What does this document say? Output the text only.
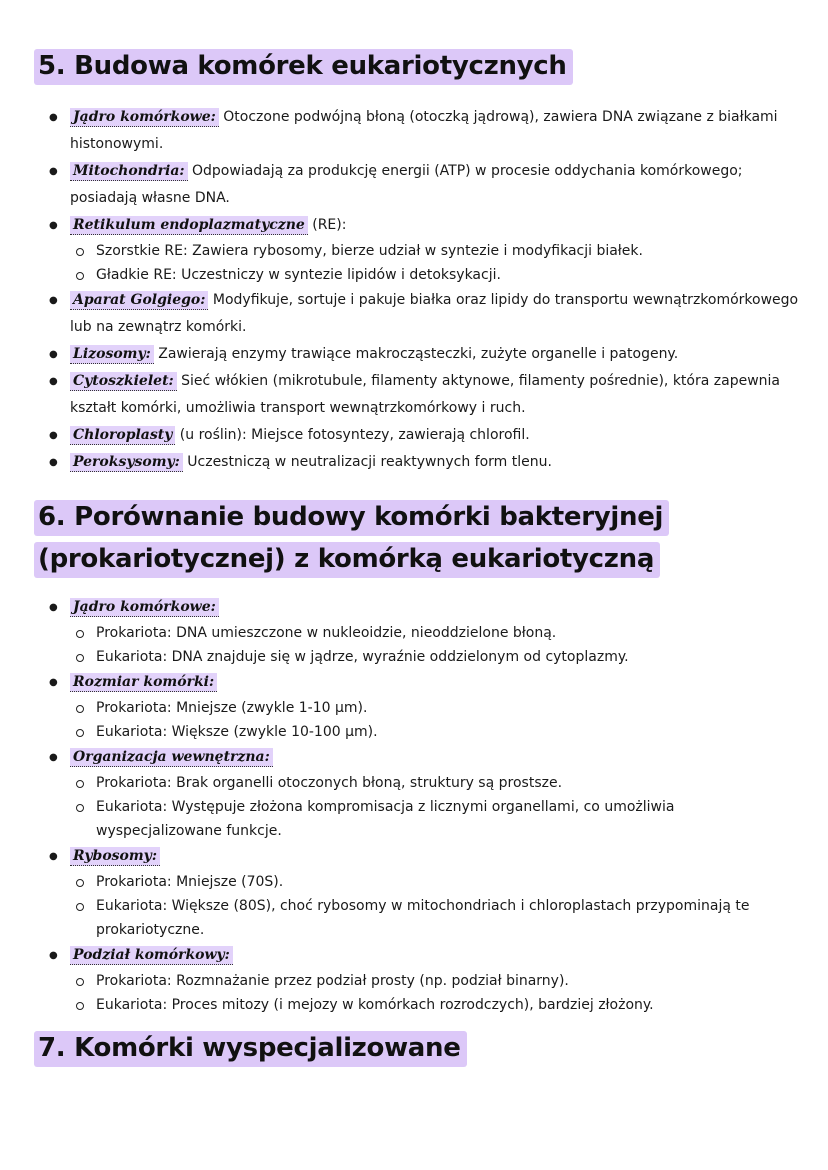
5. Budowa komórek eukariotycznych
● Jądro komórkowe: Otoczone podwójną błoną (otoczką jądrową), zawiera DNA związane z białkami histonowymi.
● Mitochondria: Odpowiadają za produkcję energii (ATP) w procesie oddychania komórkowego; posiadają własne DNA.
● Retikulum endoplazmatyczne (RE):
Szorstkie RE: Zawiera rybosomy, bierze udział w syntezie i modyfikacji białek.
Gładkie RE: Uczestniczy w syntezie lipidów i detoksykacji.
● Aparat Golgiego: Modyfikuje, sortuje i pakuje białka oraz lipidy do transportu wewnątrzkomórkowego lub na zewnątrz komórki.
● Lizosomy: Zawierają enzymy trawiące makrocząsteczki, zużyte organelle i patogeny.
● Cytoszkielet: Sieć włókien (mikrotubule, filamenty aktynowe, filamenty pośrednie), która zapewnia kształt komórki, umożliwia transport wewnątrzkomórkowy i ruch.
● Chloroplasty (u roślin): Miejsce fotosyntezy, zawierają chlorofil.
● Peroksysomy: Uczestniczą w neutralizacji reaktywnych form tlenu.
6. Porównanie budowy komórki bakteryjnej
(prokariotycznej) z komórką eukariotyczną
● Jądro komórkowe:
Prokariota: DNA umieszczone w nukleoidzie, nieoddzielone błoną.
Eukariota: DNA znajduje się w jądrze, wyraźnie oddzielonym od cytoplazmy.
● Rozmiar komórki:
Prokariota: Mniejsze (zwykle 1-10 µm).
Eukariota: Większe (zwykle 10-100 µm).
● Organizacja wewnętrzna:
Prokariota: Brak organelli otoczonych błoną, struktury są prostsze.
Eukariota: Występuje złożona kompromisacja z licznymi organellami, co umożliwia wyspecjalizowane funkcje.
● Rybosomy:
Prokariota: Mniejsze (70S).
Eukariota: Większe (80S), choć rybosomy w mitochondriach i chloroplastach przypominają te prokariotyczne.
● Podział komórkowy:
Prokariota: Rozmnażanie przez podział prosty (np. podział binarny).
Eukariota: Proces mitozy (i mejozy w komórkach rozrodczych), bardziej złożony.
7. Komórki wyspecjalizowane
